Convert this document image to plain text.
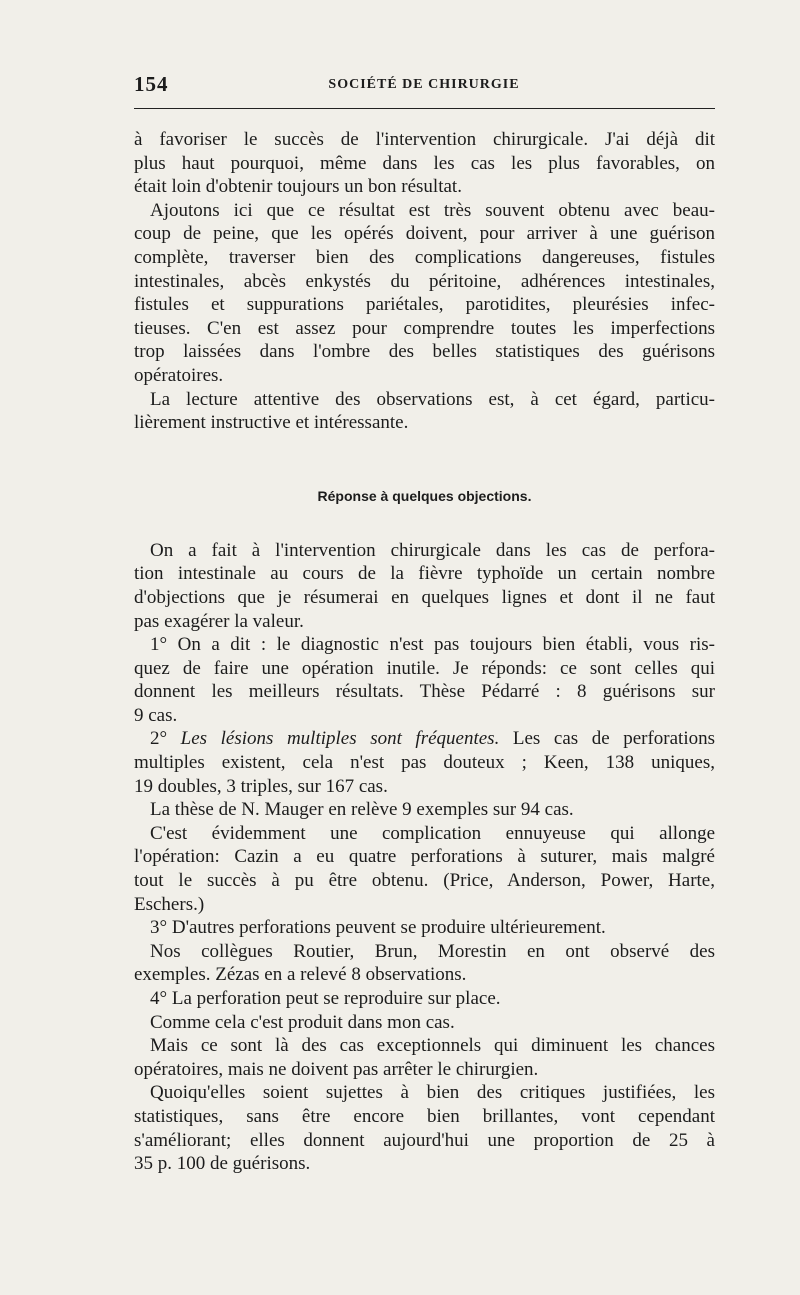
154	SOCIÉTÉ DE CHIRURGIE
à favoriser le succès de l'intervention chirurgicale. J'ai déjà dit
plus haut pourquoi, même dans les cas les plus favorables, on
était loin d'obtenir toujours un bon résultat.
Ajoutons ici que ce résultat est très souvent obtenu avec beau-
coup de peine, que les opérés doivent, pour arriver à une guérison
complète, traverser bien des complications dangereuses, fistules
intestinales, abcès enkystés du péritoine, adhérences intestinales,
fistules et suppurations pariétales, parotidites, pleurésies infec-
tieuses. C'en est assez pour comprendre toutes les imperfections
trop laissées dans l'ombre des belles statistiques des guérisons
opératoires.
La lecture attentive des observations est, à cet égard, particu-
lièrement instructive et intéressante.
Réponse à quelques objections.
On a fait à l'intervention chirurgicale dans les cas de perfora-
tion intestinale au cours de la fièvre typhoïde un certain nombre
d'objections que je résumerai en quelques lignes et dont il ne faut
pas exagérer la valeur.
1° On a dit : le diagnostic n'est pas toujours bien établi, vous ris-
quez de faire une opération inutile. Je réponds: ce sont celles qui
donnent les meilleurs résultats. Thèse Pédarré : 8 guérisons sur
9 cas.
2° Les lésions multiples sont fréquentes. Les cas de perforations
multiples existent, cela n'est pas douteux ; Keen, 138 uniques,
19 doubles, 3 triples, sur 167 cas.
La thèse de N. Mauger en relève 9 exemples sur 94 cas.
C'est évidemment une complication ennuyeuse qui allonge
l'opération: Cazin a eu quatre perforations à suturer, mais malgré
tout le succès à pu être obtenu. (Price, Anderson, Power, Harte,
Eschers.)
3° D'autres perforations peuvent se produire ultérieurement.
Nos collègues Routier, Brun, Morestin en ont observé des
exemples. Zézas en a relevé 8 observations.
4° La perforation peut se reproduire sur place.
Comme cela c'est produit dans mon cas.
Mais ce sont là des cas exceptionnels qui diminuent les chances
opératoires, mais ne doivent pas arrêter le chirurgien.
Quoiqu'elles soient sujettes à bien des critiques justifiées, les
statistiques, sans être encore bien brillantes, vont cependant
s'améliorant; elles donnent aujourd'hui une proportion de 25 à
35 p. 100 de guérisons.
